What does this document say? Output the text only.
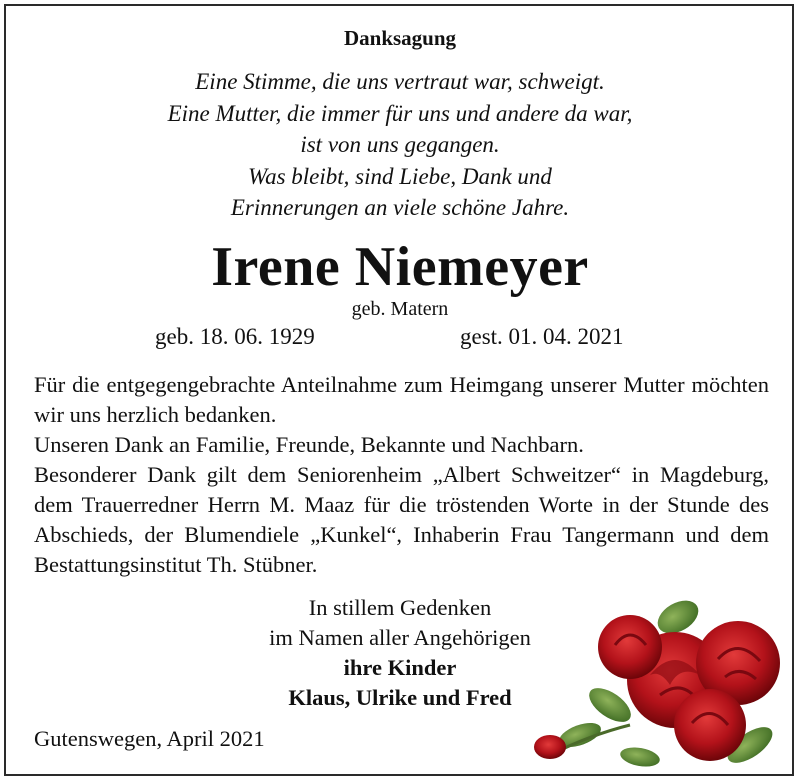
Danksagung
Eine Stimme, die uns vertraut war, schweigt.
Eine Mutter, die immer für uns und andere da war,
ist von uns gegangen.
Was bleibt, sind Liebe, Dank und
Erinnerungen an viele schöne Jahre.
Irene Niemeyer
geb. Matern
geb. 18. 06. 1929	gest. 01. 04. 2021

Für die entgegengebrachte Anteilnahme zum Heimgang unserer Mutter möchten wir uns herzlich bedanken.

Unseren Dank an Familie, Freunde, Bekannte und Nachbarn.

Besonderer Dank gilt dem Seniorenheim „Albert Schweitzer“ in Magdeburg, dem Trauerredner Herrn M. Maaz für die tröstenden Worte in der Stunde des Abschieds, der Blumendiele „Kunkel“, Inhaberin Frau Tangermann und dem Bestattungsinstitut Th. Stübner.

In stillem Gedenken
im Namen aller Angehörigen
ihre Kinder
Klaus, Ulrike und Fred
Gutenswegen, April 2021
